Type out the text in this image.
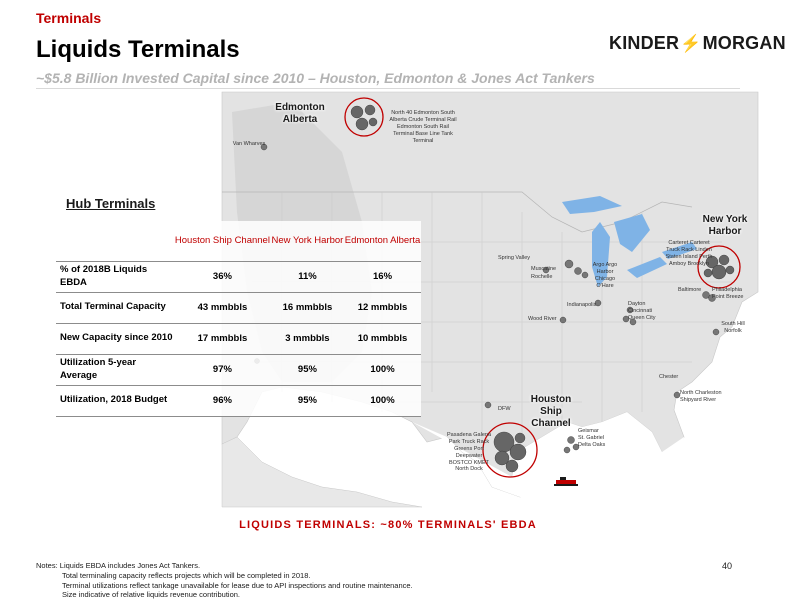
Terminals
Liquids Terminals
~$5.8 Billion Invested Capital since 2010 – Houston, Edmonton & Jones Act Tankers
KINDER⚡MORGAN
Edmonton Alberta
North 40 Edmonton South Alberta Crude Terminal Rail Edmonton South Rail Terminal Base Line Tank Terminal
Van Wharves
New York Harbor
Carteret Carteret Truck Rack Linden Staten Island Perth Amboy Brooklyn
Baltimore	Philadelphia Point Breeze
South Hill Norfolk
Spring Valley
Muscatine
Rochelle
Argo Argo Harbor Chicago O'Hare
Indianapolis	Dayton Cincinnati Queen City
Wood River
Chester
North Charleston Shipyard River
DFW
Houston Ship Channel
Pasadena Galena Park Truck Rack Greens Port Deepwater BOSTCO KMET North Dock
Geismar St. Gabriel Delta Oaks
Hub Terminals
	Houston Ship Channel	New York Harbor	Edmonton Alberta
% of 2018B Liquids EBDA	36%	11%	16%
Total Terminal Capacity	43 mmbbls	16 mmbbls	12 mmbbls
New Capacity since 2010	17 mmbbls	3 mmbbls	10 mmbbls
Utilization 5-year Average	97%	95%	100%
Utilization, 2018 Budget	96%	95%	100%
LIQUIDS TERMINALS: ~80% TERMINALS' EBDA
Notes: Liquids EBDA includes Jones Act Tankers.
Total terminaling capacity reflects projects which will be completed in 2018.
Terminal utilizations reflect tankage unavailable for lease due to API inspections and routine maintenance.
Size indicative of relative liquids revenue contribution.
40
